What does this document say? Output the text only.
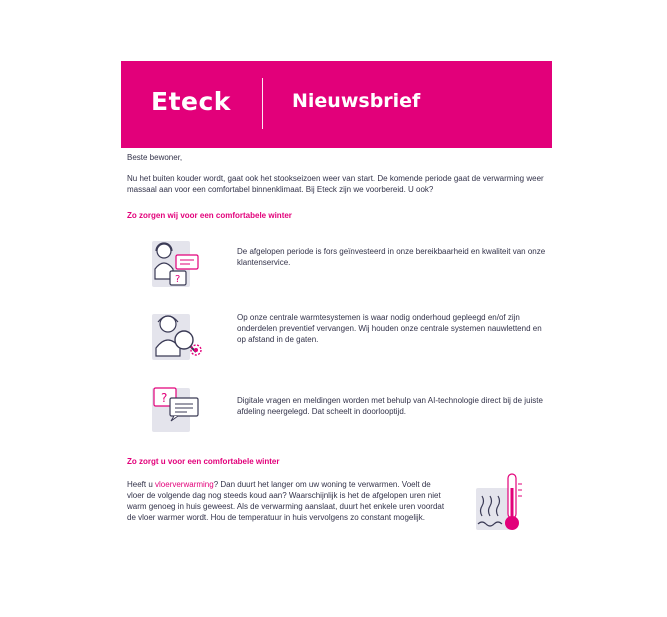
Eteck	Nieuwsbrief
Beste bewoner,
Nu het buiten kouder wordt, gaat ook het stookseizoen weer van start. De komende periode gaat de verwarming weer massaal aan voor een comfortabel binnenklimaat. Bij Eteck zijn we voorbereid. U ook?
Zo zorgen wij voor een comfortabele winter
?
De afgelopen periode is fors geïnvesteerd in onze bereikbaarheid en kwaliteit van onze klantenservice.
Op onze centrale warmtesystemen is waar nodig onderhoud gepleegd en/of zijn onderdelen preventief vervangen. Wij houden onze centrale systemen nauwlettend en op afstand in de gaten.
?	Digitale vragen en meldingen worden met behulp van AI-technologie direct bij de juiste afdeling neergelegd. Dat scheelt in doorlooptijd.
Zo zorgt u voor een comfortabele winter
Heeft u vloerverwarming? Dan duurt het langer om uw woning te verwarmen. Voelt de vloer de volgende dag nog steeds koud aan? Waarschijnlijk is het de afgelopen uren niet warm genoeg in huis geweest. Als de verwarming aanslaat, duurt het enkele uren voordat de vloer warmer wordt. Hou de temperatuur in huis vervolgens zo constant mogelijk.
